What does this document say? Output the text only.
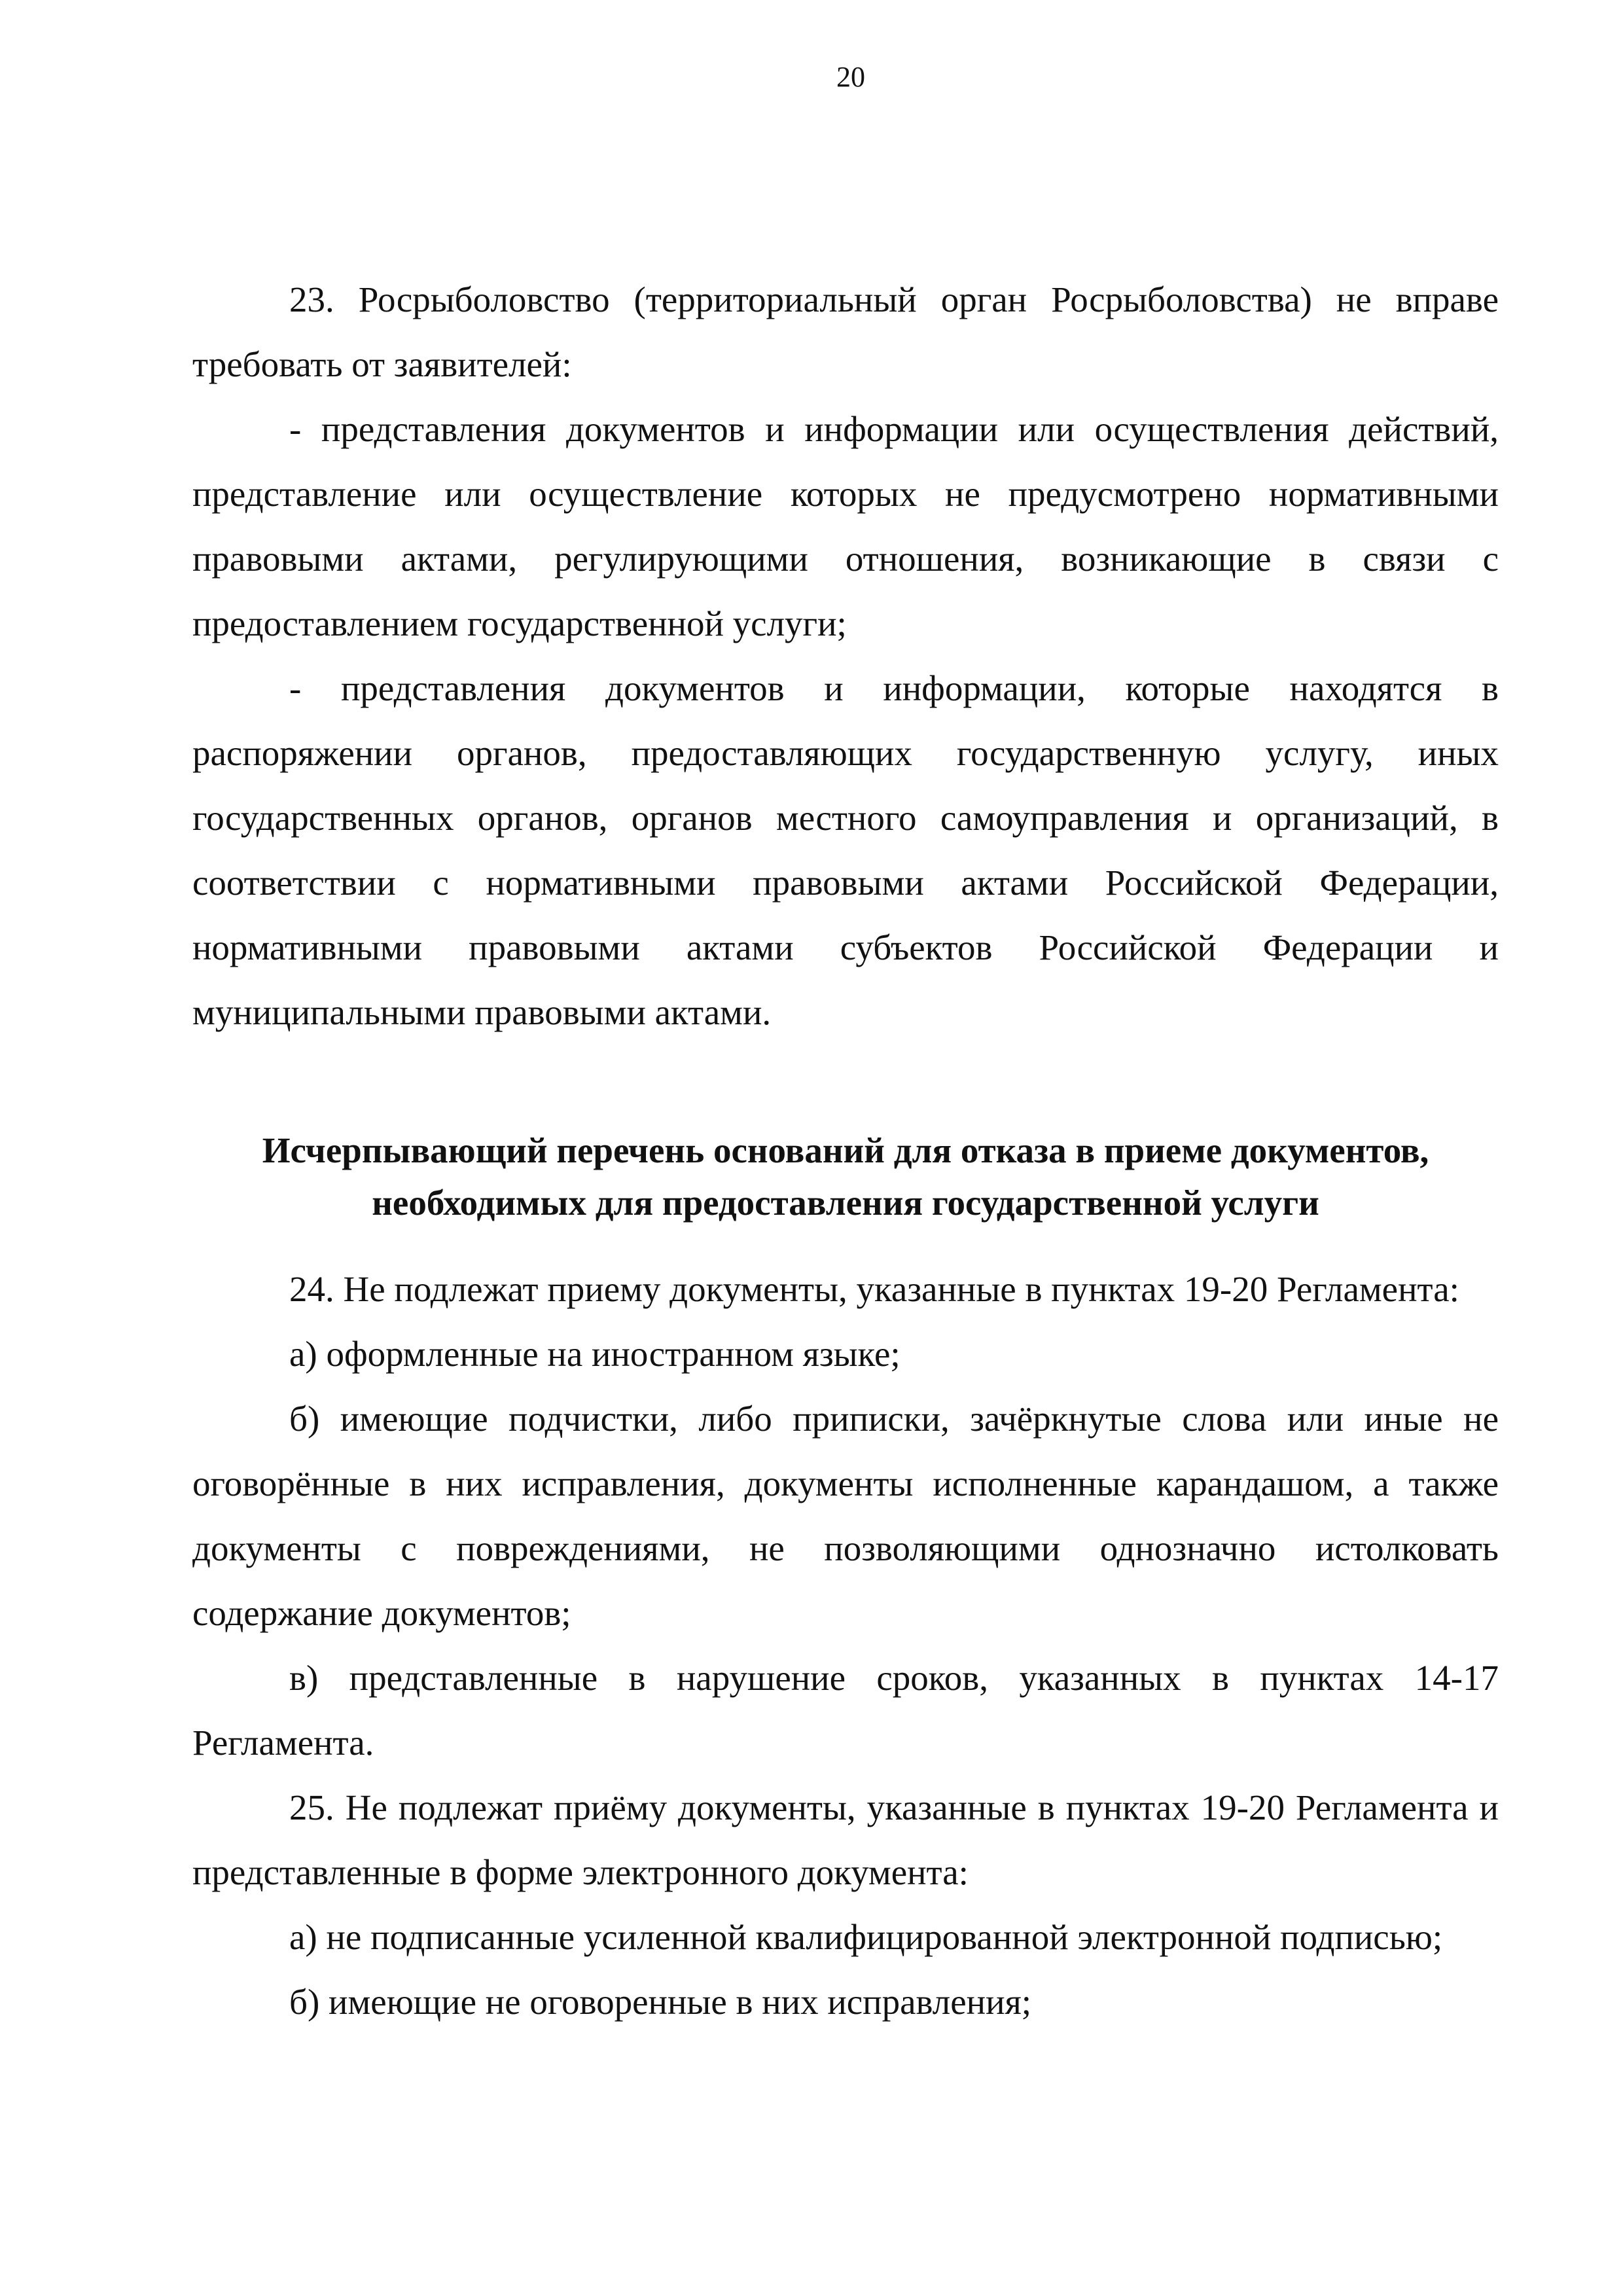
20

23. Росрыболовство (территориальный орган Росрыболовства) не вправе требовать от заявителей:

- представления документов и информации или осуществления действий, представление или осуществление которых не предусмотрено нормативными правовыми актами, регулирующими отношения, возникающие в связи с предоставлением государственной услуги;

- представления документов и информации, которые находятся в распоряжении органов, предоставляющих государственную услугу, иных государственных органов, органов местного самоуправления и организаций, в соответствии с нормативными правовыми актами Российской Федерации, нормативными правовыми актами субъектов Российской Федерации и муниципальными правовыми актами.

Исчерпывающий перечень оснований для отказа в приеме документов,
необходимых для предоставления государственной услуги

24. Не подлежат приему документы, указанные в пунктах 19-20 Регламента:

а) оформленные на иностранном языке;

б) имеющие подчистки, либо приписки, зачёркнутые слова или иные не оговорённые в них исправления, документы исполненные карандашом, а также документы с повреждениями, не позволяющими однозначно истолковать содержание документов;

в) представленные в нарушение сроков, указанных в пунктах 14-17 Регламента.

25. Не подлежат приёму документы, указанные в пунктах 19-20 Регламента и представленные в форме электронного документа:

а) не подписанные усиленной квалифицированной электронной подписью;

б) имеющие не оговоренные в них исправления;
